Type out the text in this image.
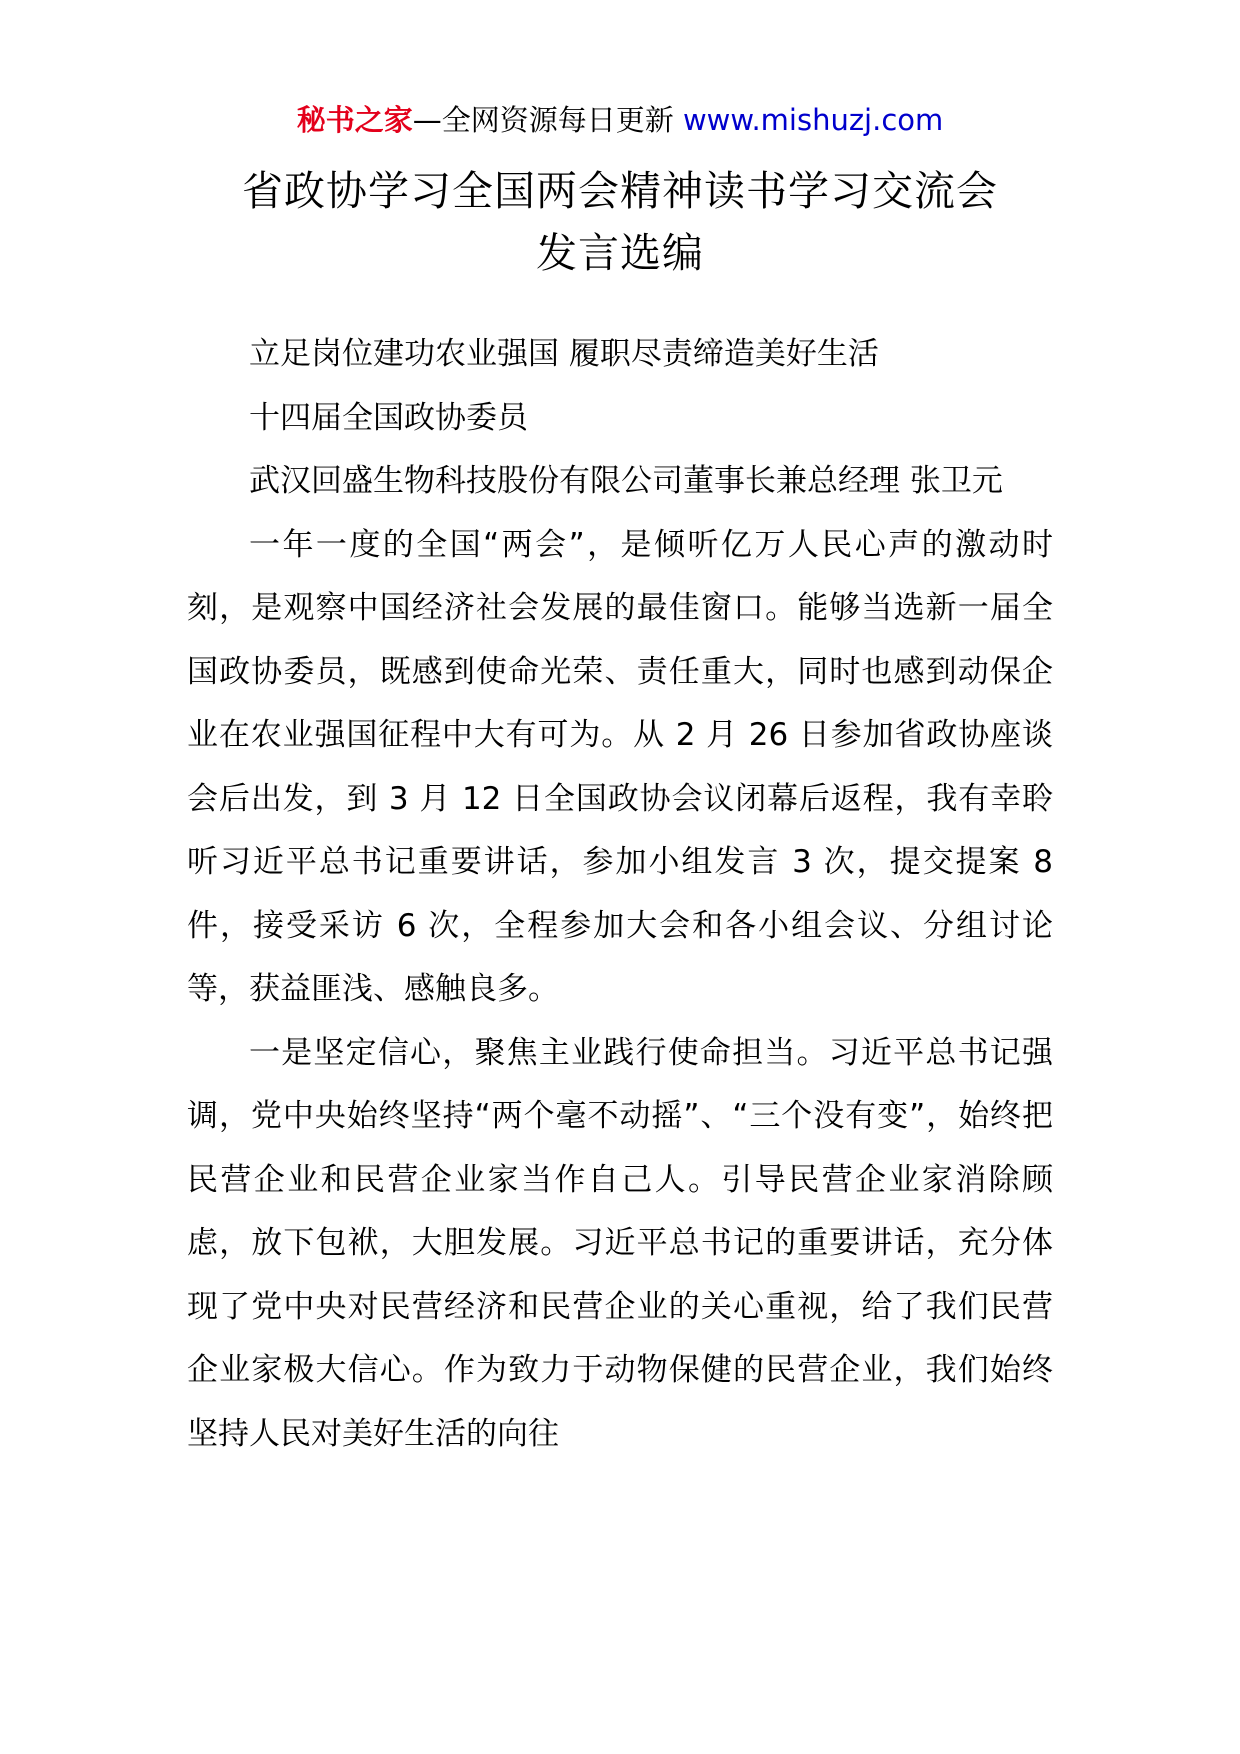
秘书之家—全网资源每日更新 www.mishuzj.com
省政协学习全国两会精神读书学习交流会
发言选编

立足岗位建功农业强国 履职尽责缔造美好生活

十四届全国政协委员

武汉回盛生物科技股份有限公司董事长兼总经理 张卫元

一年一度的全国“两会”，是倾听亿万人民心声的激动时刻，是观察中国经济社会发展的最佳窗口。能够当选新一届全国政协委员，既感到使命光荣、责任重大，同时也感到动保企业在农业强国征程中大有可为。从 2 月 26 日参加省政协座谈会后出发，到 3 月 12 日全国政协会议闭幕后返程，我有幸聆听习近平总书记重要讲话，参加小组发言 3 次，提交提案 8 件，接受采访 6 次，全程参加大会和各小组会议、分组讨论等，获益匪浅、感触良多。

一是坚定信心，聚焦主业践行使命担当。习近平总书记强调，党中央始终坚持“两个毫不动摇”、“三个没有变”，始终把民营企业和民营企业家当作自己人。引导民营企业家消除顾虑，放下包袱，大胆发展。习近平总书记的重要讲话，充分体现了党中央对民营经济和民营企业的关心重视，给了我们民营企业家极大信心。作为致力于动物保健的民营企业，我们始终坚持人民对美好生活的向往
